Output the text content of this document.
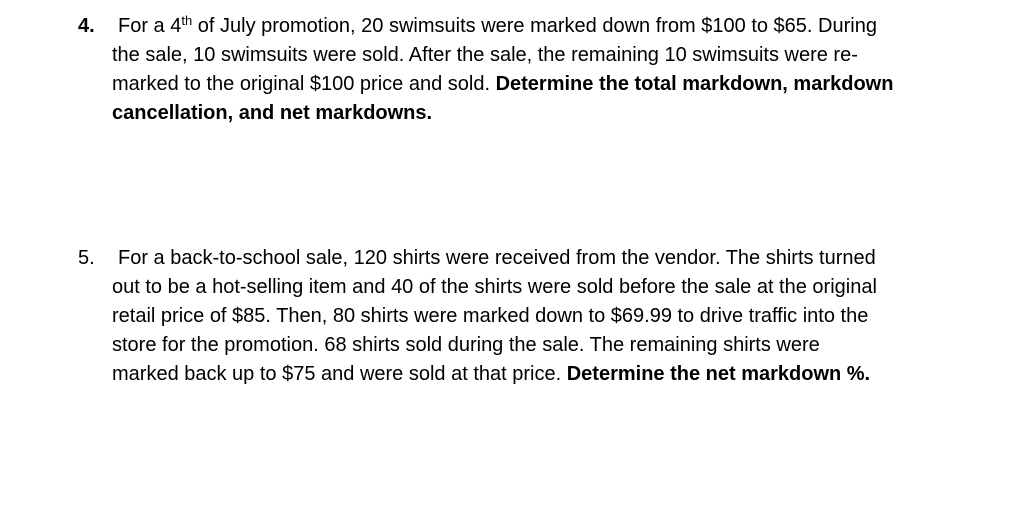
4.	For a 4th of July promotion, 20 swimsuits were marked down from $100 to $65. During
the sale, 10 swimsuits were sold. After the sale, the remaining 10 swimsuits were re-
marked to the original $100 price and sold. Determine the total markdown, markdown
cancellation, and net markdowns.
5.	For a back-to-school sale, 120 shirts were received from the vendor. The shirts turned
out to be a hot-selling item and 40 of the shirts were sold before the sale at the original
retail price of $85. Then, 80 shirts were marked down to $69.99 to drive traffic into the
store for the promotion. 68 shirts sold during the sale. The remaining shirts were
marked back up to $75 and were sold at that price. Determine the net markdown %.
